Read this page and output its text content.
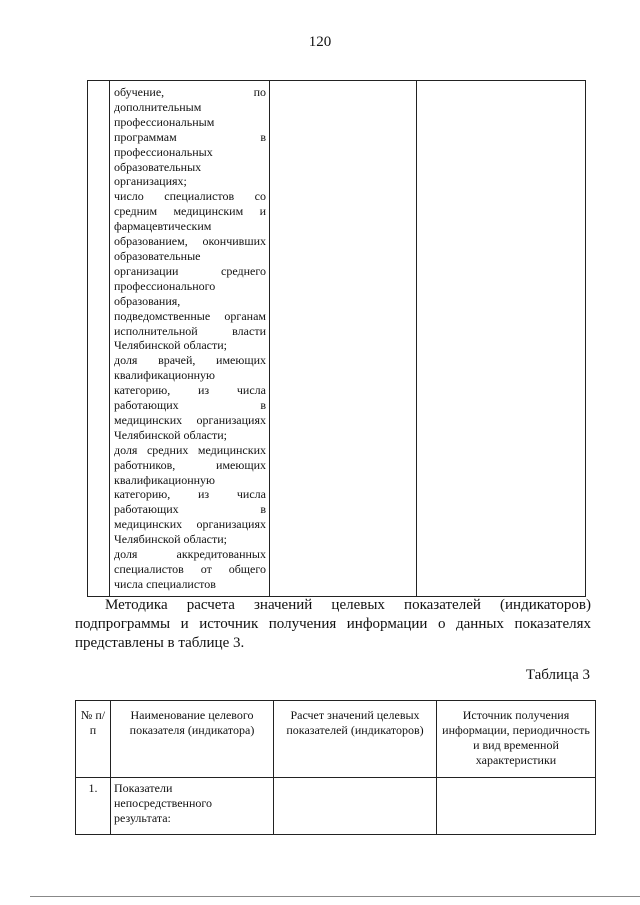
120

обучение, по
дополнительным
профессиональным
программам в
профессиональных
образовательных
организациях;
число специалистов со
средним медицинским и
фармацевтическим
образованием, окончивших
образовательные
организации среднего
профессионального
образования,
подведомственные органам
исполнительной власти
Челябинской области;
доля врачей, имеющих
квалификационную
категорию, из числа
работающих в
медицинских организациях
Челябинской области;
доля средних медицинских
работников, имеющих
квалификационную
категорию, из числа
работающих в
медицинских организациях
Челябинской области;
доля аккредитованных
специалистов от общего
числа специалистов

Методика расчета значений целевых показателей (индикаторов)
подпрограммы и источник получения информации о данных показателях
представлены в таблице 3.
Таблица 3
№ п/п	Наименование целевого показателя (индикатора)	Расчет значений целевых показателей (индикаторов)	Источник получения информации, периодичность и вид временной характеристики
1.	Показатели непосредственного результата:		
